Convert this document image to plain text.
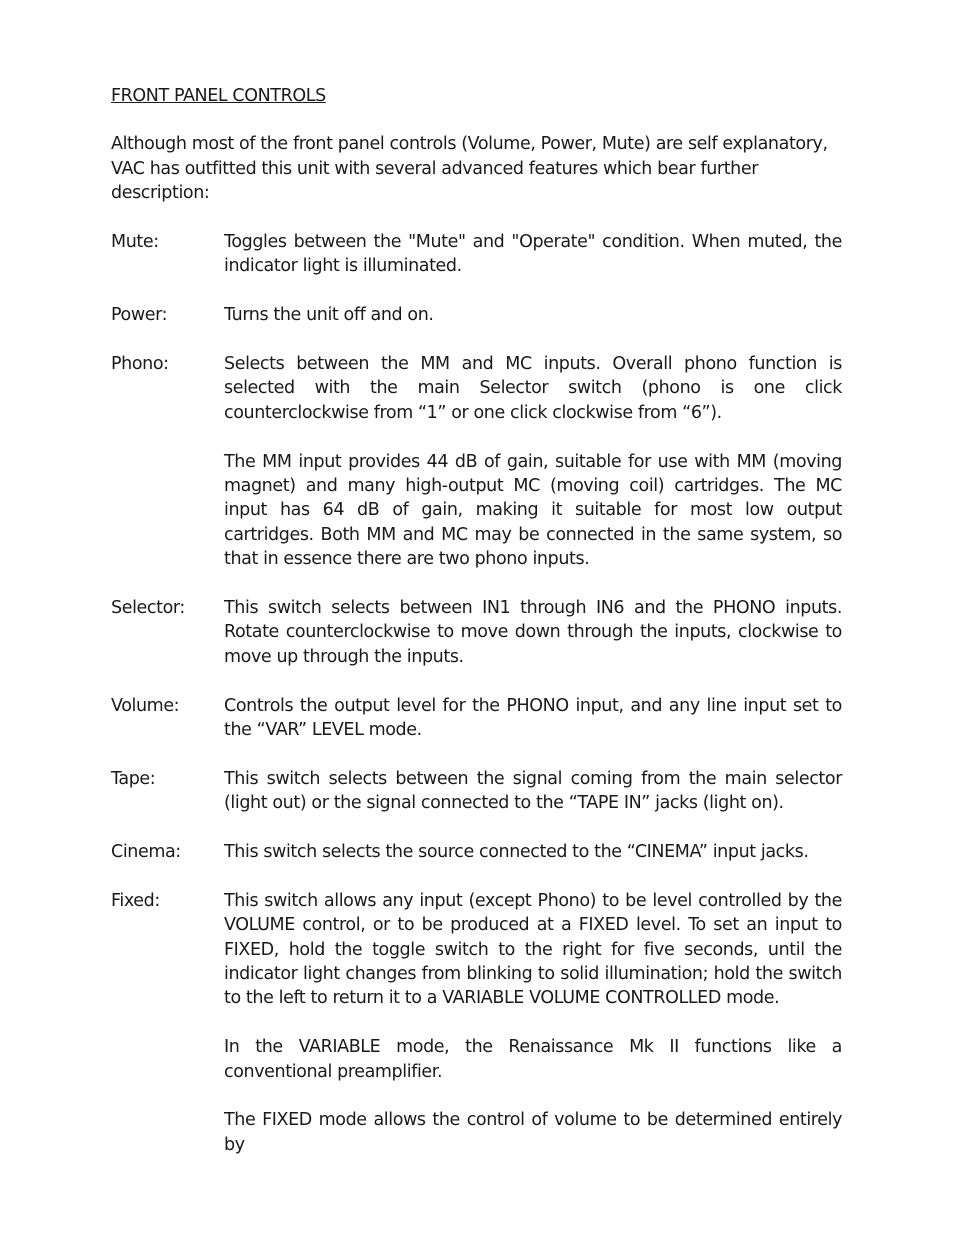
FRONT PANEL CONTROLS

Although most of the front panel controls (Volume, Power, Mute) are self explanatory, VAC has outfitted this unit with several advanced features which bear further description:

Mute:	Toggles between the "Mute" and "Operate" condition. When muted, the indicator light is illuminated.

Power:	Turns the unit off and on.

Phono:	Selects between the MM and MC inputs. Overall phono function is selected with the main Selector switch (phono is one click counterclockwise from “1” or one click clockwise from “6”).

The MM input provides 44 dB of gain, suitable for use with MM (moving magnet) and many high-output MC (moving coil) cartridges. The MC input has 64 dB of gain, making it suitable for most low output cartridges. Both MM and MC may be connected in the same system, so that in essence there are two phono inputs.

Selector:	This switch selects between IN1 through IN6 and the PHONO inputs. Rotate counterclockwise to move down through the inputs, clockwise to move up through the inputs.

Volume:	Controls the output level for the PHONO input, and any line input set to the “VAR” LEVEL mode.

Tape:	This switch selects between the signal coming from the main selector (light out) or the signal connected to the “TAPE IN” jacks (light on).

Cinema:	This switch selects the source connected to the “CINEMA” input jacks.

Fixed:	This switch allows any input (except Phono) to be level controlled by the VOLUME control, or to be produced at a FIXED level. To set an input to FIXED, hold the toggle switch to the right for five seconds, until the indicator light changes from blinking to solid illumination; hold the switch to the left to return it to a VARIABLE VOLUME CONTROLLED mode.

In the VARIABLE mode, the Renaissance Mk II functions like a conventional preamplifier.

The FIXED mode allows the control of volume to be determined entirely by
